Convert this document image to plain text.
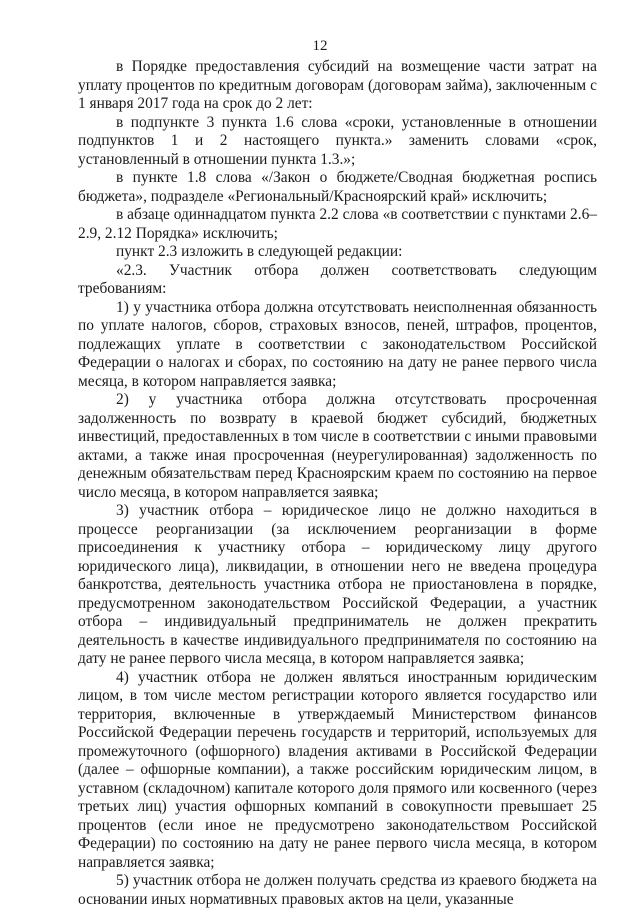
12

в Порядке предоставления субсидий на возмещение части затрат на уплату процентов по кредитным договорам (договорам займа), заключенным с 1 января 2017 года на срок до 2 лет:

в подпункте 3 пункта 1.6 слова «сроки, установленные в отношении подпунктов 1 и 2 настоящего пункта.» заменить словами «срок, установленный в отношении пункта 1.3.»;

в пункте 1.8 слова «/Закон о бюджете/Сводная бюджетная роспись бюджета», подразделе «Региональный/Красноярский край» исключить;

в абзаце одиннадцатом пункта 2.2 слова «в соответствии с пунктами 2.6–2.9, 2.12 Порядка» исключить;

пункт 2.3 изложить в следующей редакции:

«2.3. Участник отбора должен соответствовать следующим требованиям:

1) у участника отбора должна отсутствовать неисполненная обязанность по уплате налогов, сборов, страховых взносов, пеней, штрафов, процентов, подлежащих уплате в соответствии с законодательством Российской Федерации о налогах и сборах, по состоянию на дату не ранее первого числа месяца, в котором направляется заявка;

2) у участника отбора должна отсутствовать просроченная задолженность по возврату в краевой бюджет субсидий, бюджетных инвестиций, предоставленных в том числе в соответствии с иными правовыми актами, а также иная просроченная (неурегулированная) задолженность по денежным обязательствам перед Красноярским краем по состоянию на первое число месяца, в котором направляется заявка;

3) участник отбора – юридическое лицо не должно находиться в процессе реорганизации (за исключением реорганизации в форме присоединения к участнику отбора – юридическому лицу другого юридического лица), ликвидации, в отношении него не введена процедура банкротства, деятельность участника отбора не приостановлена в порядке, предусмотренном законодательством Российской Федерации, а участник отбора – индивидуальный предприниматель не должен прекратить деятельность в качестве индивидуального предпринимателя по состоянию на дату не ранее первого числа месяца, в котором направляется заявка;

4) участник отбора не должен являться иностранным юридическим лицом, в том числе местом регистрации которого является государство или территория, включенные в утверждаемый Министерством финансов Российской Федерации перечень государств и территорий, используемых для промежуточного (офшорного) владения активами в Российской Федерации (далее – офшорные компании), а также российским юридическим лицом, в уставном (складочном) капитале которого доля прямого или косвенного (через третьих лиц) участия офшорных компаний в совокупности превышает 25 процентов (если иное не предусмотрено законодательством Российской Федерации) по состоянию на дату не ранее первого числа месяца, в котором направляется заявка;

5) участник отбора не должен получать средства из краевого бюджета на основании иных нормативных правовых актов на цели, указанные
